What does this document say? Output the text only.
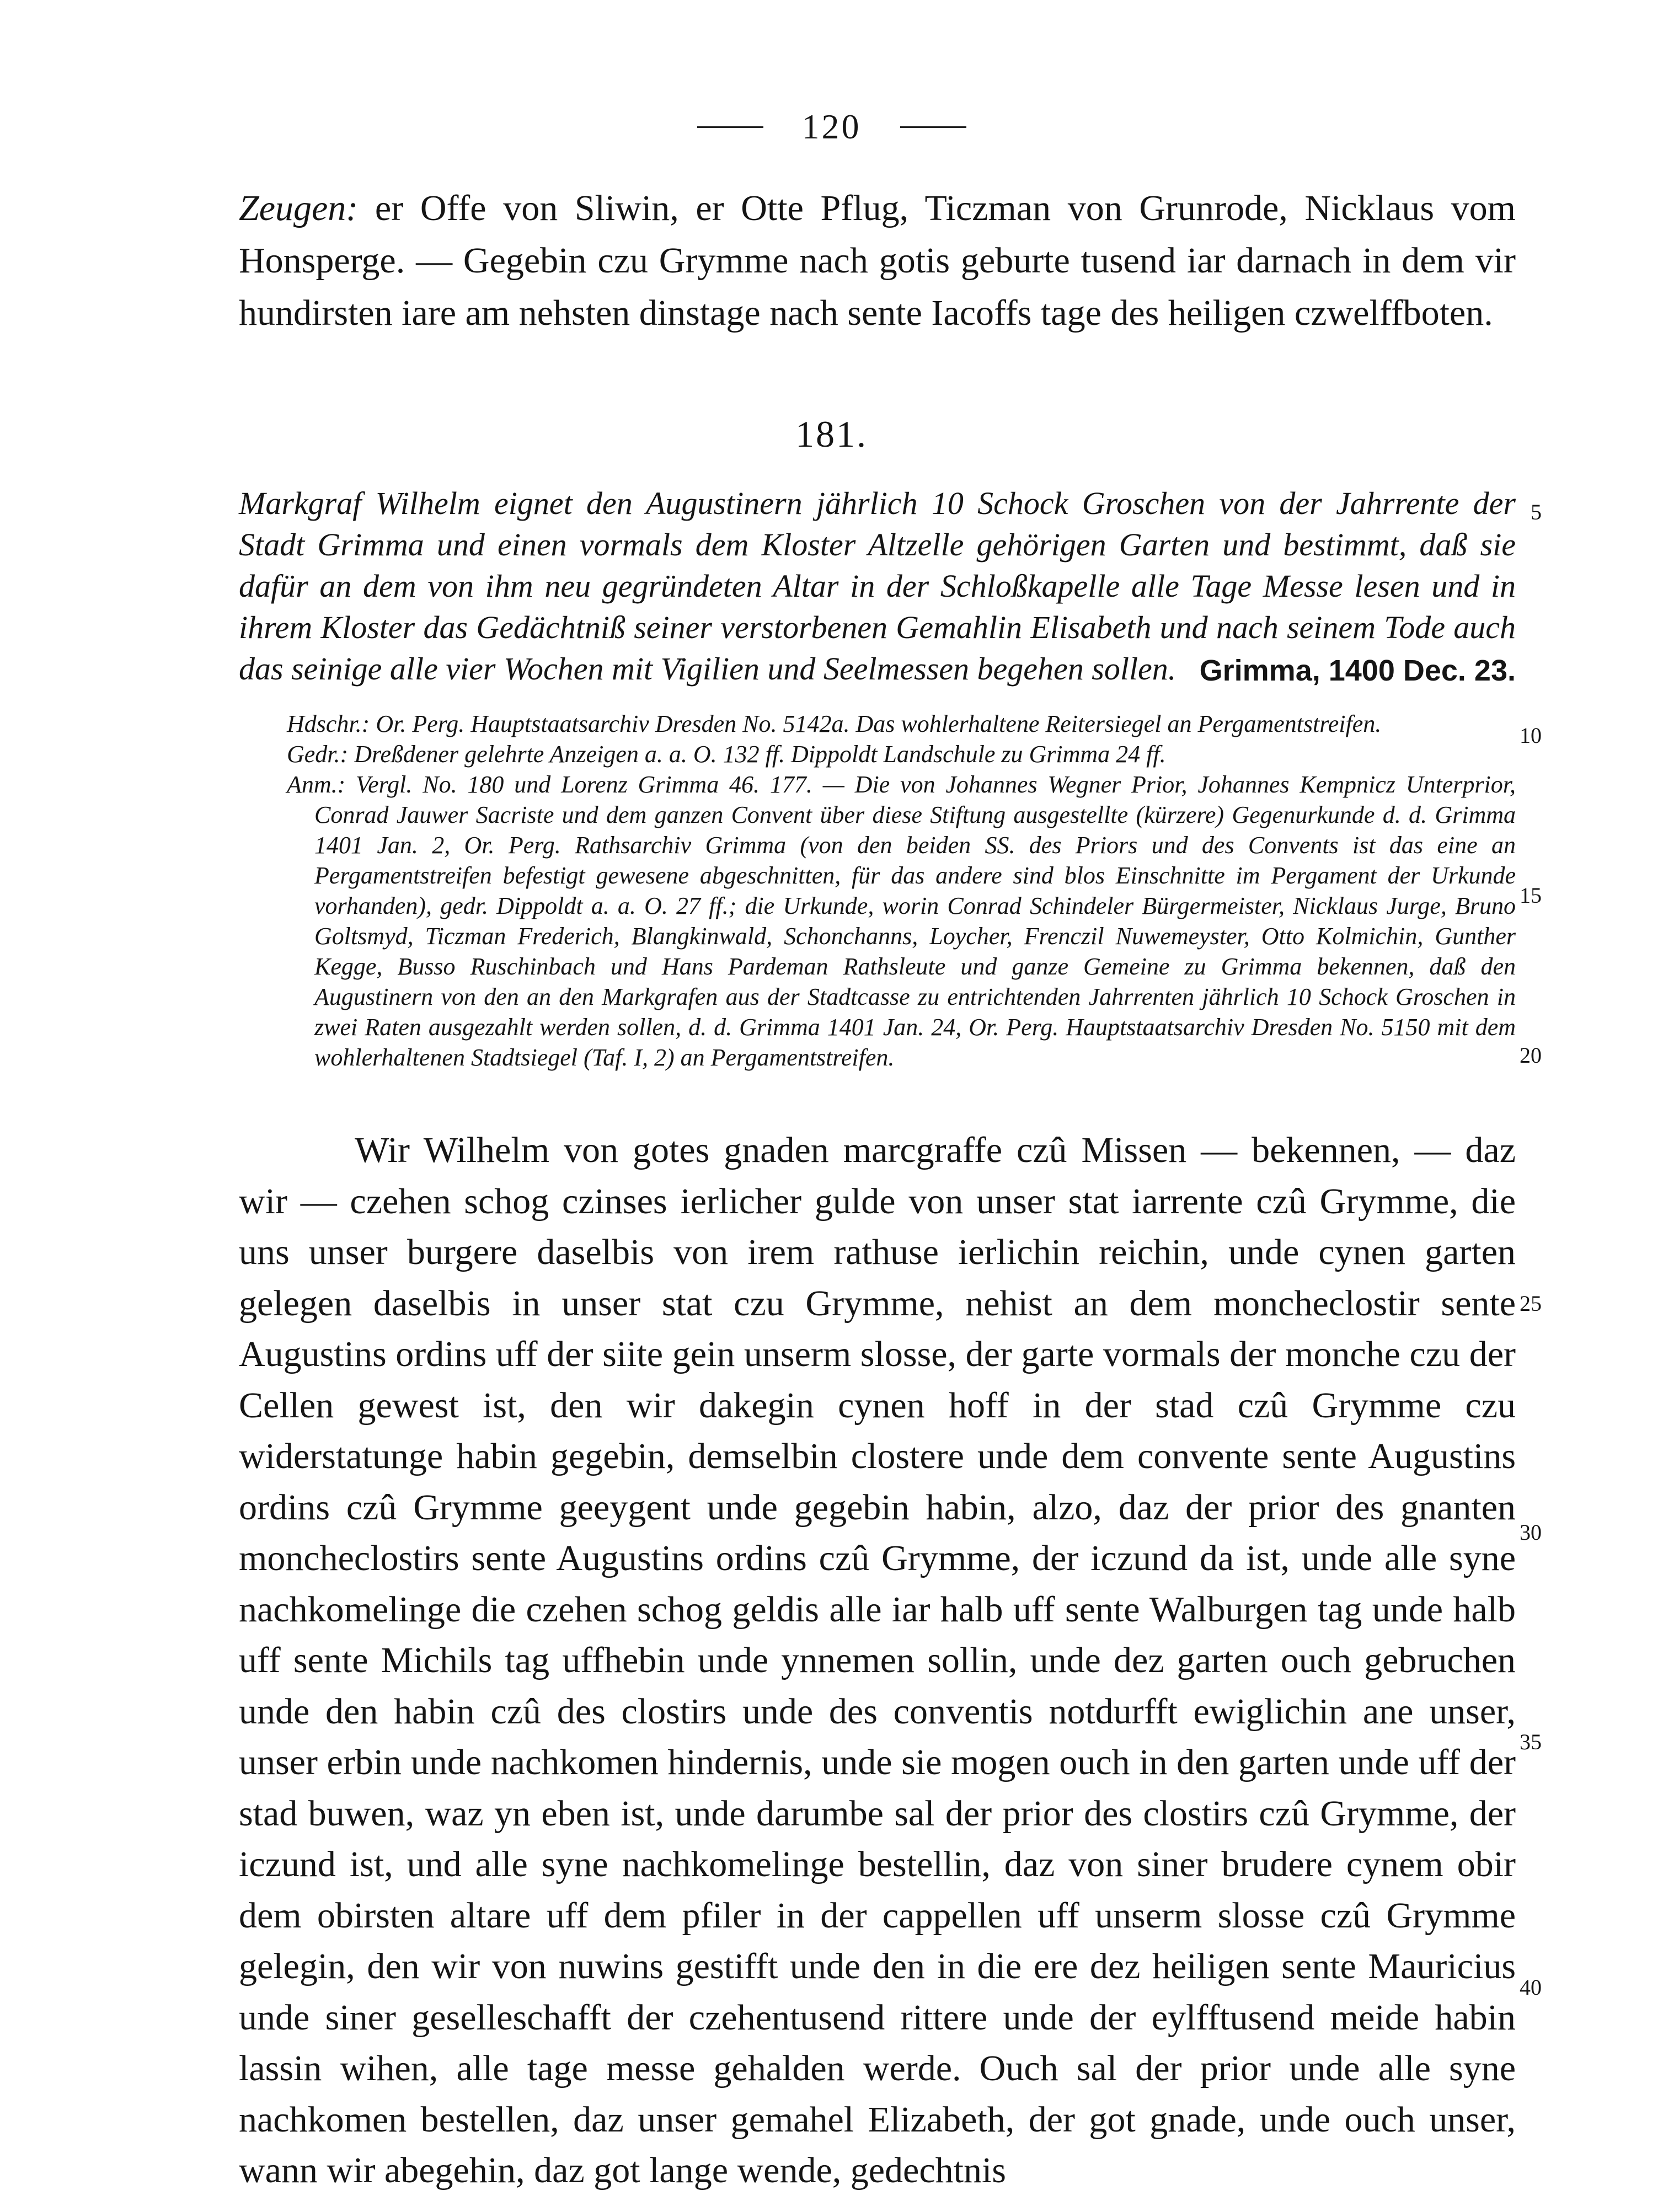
120

Zeugen: er Offe von Sliwin, er Otte Pflug, Ticzman von Grunrode, Nicklaus vom Honsperge. — Gegebin czu Grymme nach gotis geburte tusend iar darnach in dem vir hundirsten iare am nehsten dinstage nach sente Iacoffs tage des heiligen czwelffboten.

181.
Markgraf Wilhelm eignet den Augustinern jährlich 10 Schock Groschen von der Jahrrente der Stadt Grimma und einen vormals dem Kloster Altzelle gehörigen Garten und bestimmt, daß sie dafür an dem von ihm neu gegründeten Altar in der Schloßkapelle alle Tage Messe lesen und in ihrem Kloster das Gedächtniß seiner verstorbenen Gemahlin Elisabeth und nach seinem Tode auch das seinige alle vier Wochen mit Vigilien und Seelmessen begehen sollen. Grimma, 1400 Dec. 23.

Hdschr.: Or. Perg. Hauptstaatsarchiv Dresden No. 5142a. Das wohlerhaltene Reitersiegel an Pergamentstreifen.

Gedr.: Dreßdener gelehrte Anzeigen a. a. O. 132 ff. Dippoldt Landschule zu Grimma 24 ff.

Anm.: Vergl. No. 180 und Lorenz Grimma 46. 177. — Die von Johannes Wegner Prior, Johannes Kempnicz Unterprior, Conrad Jauwer Sacriste und dem ganzen Convent über diese Stiftung ausgestellte (kürzere) Gegenurkunde d. d. Grimma 1401 Jan. 2, Or. Perg. Rathsarchiv Grimma (von den beiden SS. des Priors und des Convents ist das eine an Pergamentstreifen befestigt gewesene abgeschnitten, für das andere sind blos Einschnitte im Pergament der Urkunde vorhanden), gedr. Dippoldt a. a. O. 27 ff.; die Urkunde, worin Conrad Schindeler Bürgermeister, Nicklaus Jurge, Bruno Goltsmyd, Ticzman Frederich, Blangkinwald, Schonchanns, Loycher, Frenczil Nuwemeyster, Otto Kolmichin, Gunther Kegge, Busso Ruschinbach und Hans Pardeman Rathsleute und ganze Gemeine zu Grimma bekennen, daß den Augustinern von den an den Markgrafen aus der Stadtcasse zu entrichtenden Jahrrenten jährlich 10 Schock Groschen in zwei Raten ausgezahlt werden sollen, d. d. Grimma 1401 Jan. 24, Or. Perg. Hauptstaatsarchiv Dresden No. 5150 mit dem wohlerhaltenen Stadtsiegel (Taf. I, 2) an Pergamentstreifen.

Wir Wilhelm von gotes gnaden marcgraffe czû Missen — bekennen, — daz wir — czehen schog czinses ierlicher gulde von unser stat iarrente czû Grymme, die uns unser burgere daselbis von irem rathuse ierlichin reichin, unde cynen garten gelegen daselbis in unser stat czu Grymme, nehist an dem moncheclostir sente Augustins ordins uff der siite gein unserm slosse, der garte vormals der monche czu der Cellen gewest ist, den wir dakegin cynen hoff in der stad czû Grymme czu widerstatunge habin gegebin, demselbin clostere unde dem convente sente Augustins ordins czû Grymme geeygent unde gegebin habin, alzo, daz der prior des gnanten moncheclostirs sente Augustins ordins czû Grymme, der iczund da ist, unde alle syne nachkomelinge die czehen schog geldis alle iar halb uff sente Walburgen tag unde halb uff sente Michils tag uffhebin unde ynnemen sollin, unde dez garten ouch gebruchen unde den habin czû des clostirs unde des conventis notdurfft ewiglichin ane unser, unser erbin unde nachkomen hindernis, unde sie mogen ouch in den garten unde uff der stad buwen, waz yn eben ist, unde darumbe sal der prior des clostirs czû Grymme, der iczund ist, und alle syne nachkomelinge bestellin, daz von siner brudere cynem obir dem obirsten altare uff dem pfiler in der cappellen uff unserm slosse czû Grymme gelegin, den wir von nuwins gestifft unde den in die ere dez heiligen sente Mauricius unde siner geselleschafft der czehentusend rittere unde der eylfftusend meide habin lassin wihen, alle tage messe gehalden werde. Ouch sal der prior unde alle syne nachkomen bestellen, daz unser gemahel Elizabeth, der got gnade, unde ouch unser, wann wir abegehin, daz got lange wende, gedechtnis

5
10
15
20
25
30
35
40
